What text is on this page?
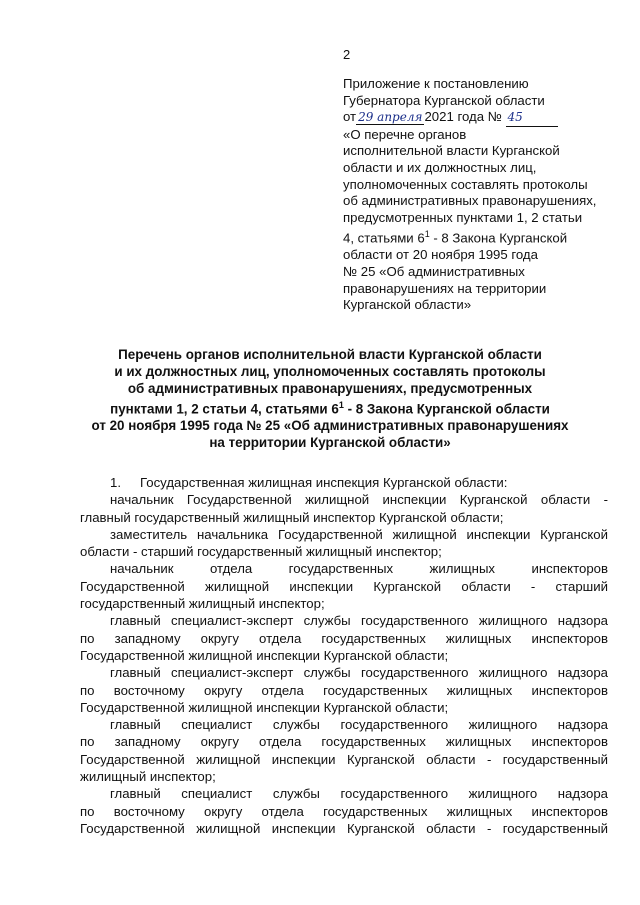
2
Приложение к постановлению
Губернатора Курганской области
от 29 апреля 2021 года № 45
«О перечне органов
исполнительной власти Курганской
области и их должностных лиц,
уполномоченных составлять протоколы
об административных правонарушениях,
предусмотренных пунктами 1, 2 статьи
4, статьями $6^1 - 8$ Закона Курганской
области от 20 ноября 1995 года
№ 25 «Об административных
правонарушениях на территории
Курганской области»
Перечень органов исполнительной власти Курганской области
и их должностных лиц, уполномоченных составлять протоколы
об административных правонарушениях, предусмотренных
пунктами 1, 2 статьи 4, статьями $6^1 - 8$ Закона Курганской области
от 20 ноября 1995 года № 25 «Об административных правонарушениях
на территории Курганской области»
1. Государственная жилищная инспекция Курганской области:
начальник Государственной жилищной инспекции Курганской области -
главный государственный жилищный инспектор Курганской области;
заместитель начальника Государственной жилищной инспекции Курганской
области - старший государственный жилищный инспектор;
начальник отдела государственных жилищных инспекторов
Государственной жилищной инспекции Курганской области - старший
государственный жилищный инспектор;
главный специалист-эксперт службы государственного жилищного надзора
по западному округу отдела государственных жилищных инспекторов
Государственной жилищной инспекции Курганской области;
главный специалист-эксперт службы государственного жилищного надзора
по восточному округу отдела государственных жилищных инспекторов
Государственной жилищной инспекции Курганской области;
главный специалист службы государственного жилищного надзора
по западному округу отдела государственных жилищных инспекторов
Государственной жилищной инспекции Курганской области - государственный
жилищный инспектор;
главный специалист службы государственного жилищного надзора
по восточному округу отдела государственных жилищных инспекторов
Государственной жилищной инспекции Курганской области - государственный
